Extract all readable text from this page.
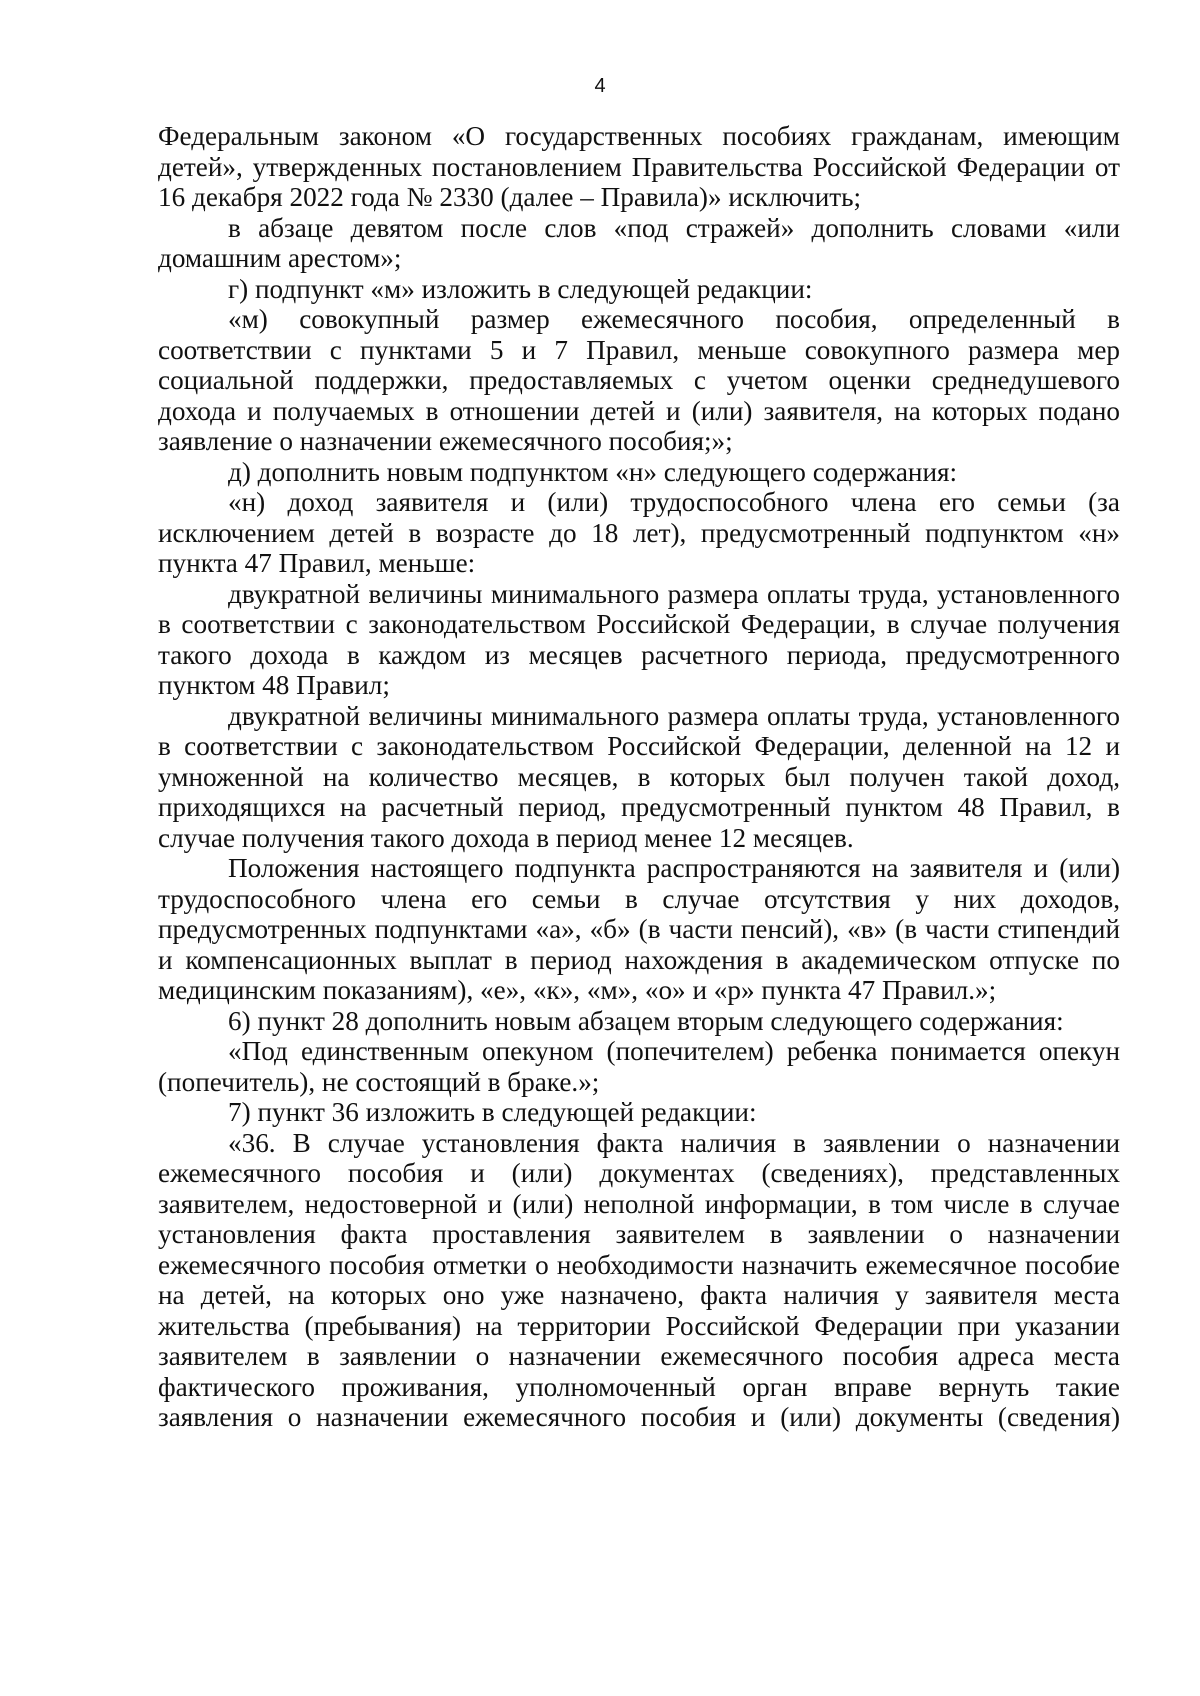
4

Федеральным законом «О государственных пособиях гражданам, имеющим детей», утвержденных постановлением Правительства Российской Федерации от 16 декабря 2022 года № 2330 (далее – Правила)» исключить;

в абзаце девятом после слов «под стражей» дополнить словами «или домашним арестом»;

г) подпункт «м» изложить в следующей редакции:

«м) совокупный размер ежемесячного пособия, определенный в соответствии с пунктами 5 и 7 Правил, меньше совокупного размера мер социальной поддержки, предоставляемых с учетом оценки среднедушевого дохода и получаемых в отношении детей и (или) заявителя, на которых подано заявление о назначении ежемесячного пособия;»;

д) дополнить новым подпунктом «н» следующего содержания:

«н) доход заявителя и (или) трудоспособного члена его семьи (за исключением детей в возрасте до 18 лет), предусмотренный подпунктом «н» пункта 47 Правил, меньше:

двукратной величины минимального размера оплаты труда, установленного в соответствии с законодательством Российской Федерации, в случае получения такого дохода в каждом из месяцев расчетного периода, предусмотренного пунктом 48 Правил;

двукратной величины минимального размера оплаты труда, установленного в соответствии с законодательством Российской Федерации, деленной на 12 и умноженной на количество месяцев, в которых был получен такой доход, приходящихся на расчетный период, предусмотренный пунктом 48 Правил, в случае получения такого дохода в период менее 12 месяцев.

Положения настоящего подпункта распространяются на заявителя и (или) трудоспособного члена его семьи в случае отсутствия у них доходов, предусмотренных подпунктами «а», «б» (в части пенсий), «в» (в части стипендий и компенсационных выплат в период нахождения в академическом отпуске по медицинским показаниям), «е», «к», «м», «о» и «р» пункта 47 Правил.»;

6) пункт 28 дополнить новым абзацем вторым следующего содержания:

«Под единственным опекуном (попечителем) ребенка понимается опекун (попечитель), не состоящий в браке.»;

7) пункт 36 изложить в следующей редакции:

«36. В случае установления факта наличия в заявлении о назначении ежемесячного пособия и (или) документах (сведениях), представленных заявителем, недостоверной и (или) неполной информации, в том числе в случае установления факта проставления заявителем в заявлении о назначении ежемесячного пособия отметки о необходимости назначить ежемесячное пособие на детей, на которых оно уже назначено, факта наличия у заявителя места жительства (пребывания) на территории Российской Федерации при указании заявителем в заявлении о назначении ежемесячного пособия адреса места фактического проживания, уполномоченный орган вправе вернуть такие заявления о назначении ежемесячного пособия и (или) документы (сведения)
